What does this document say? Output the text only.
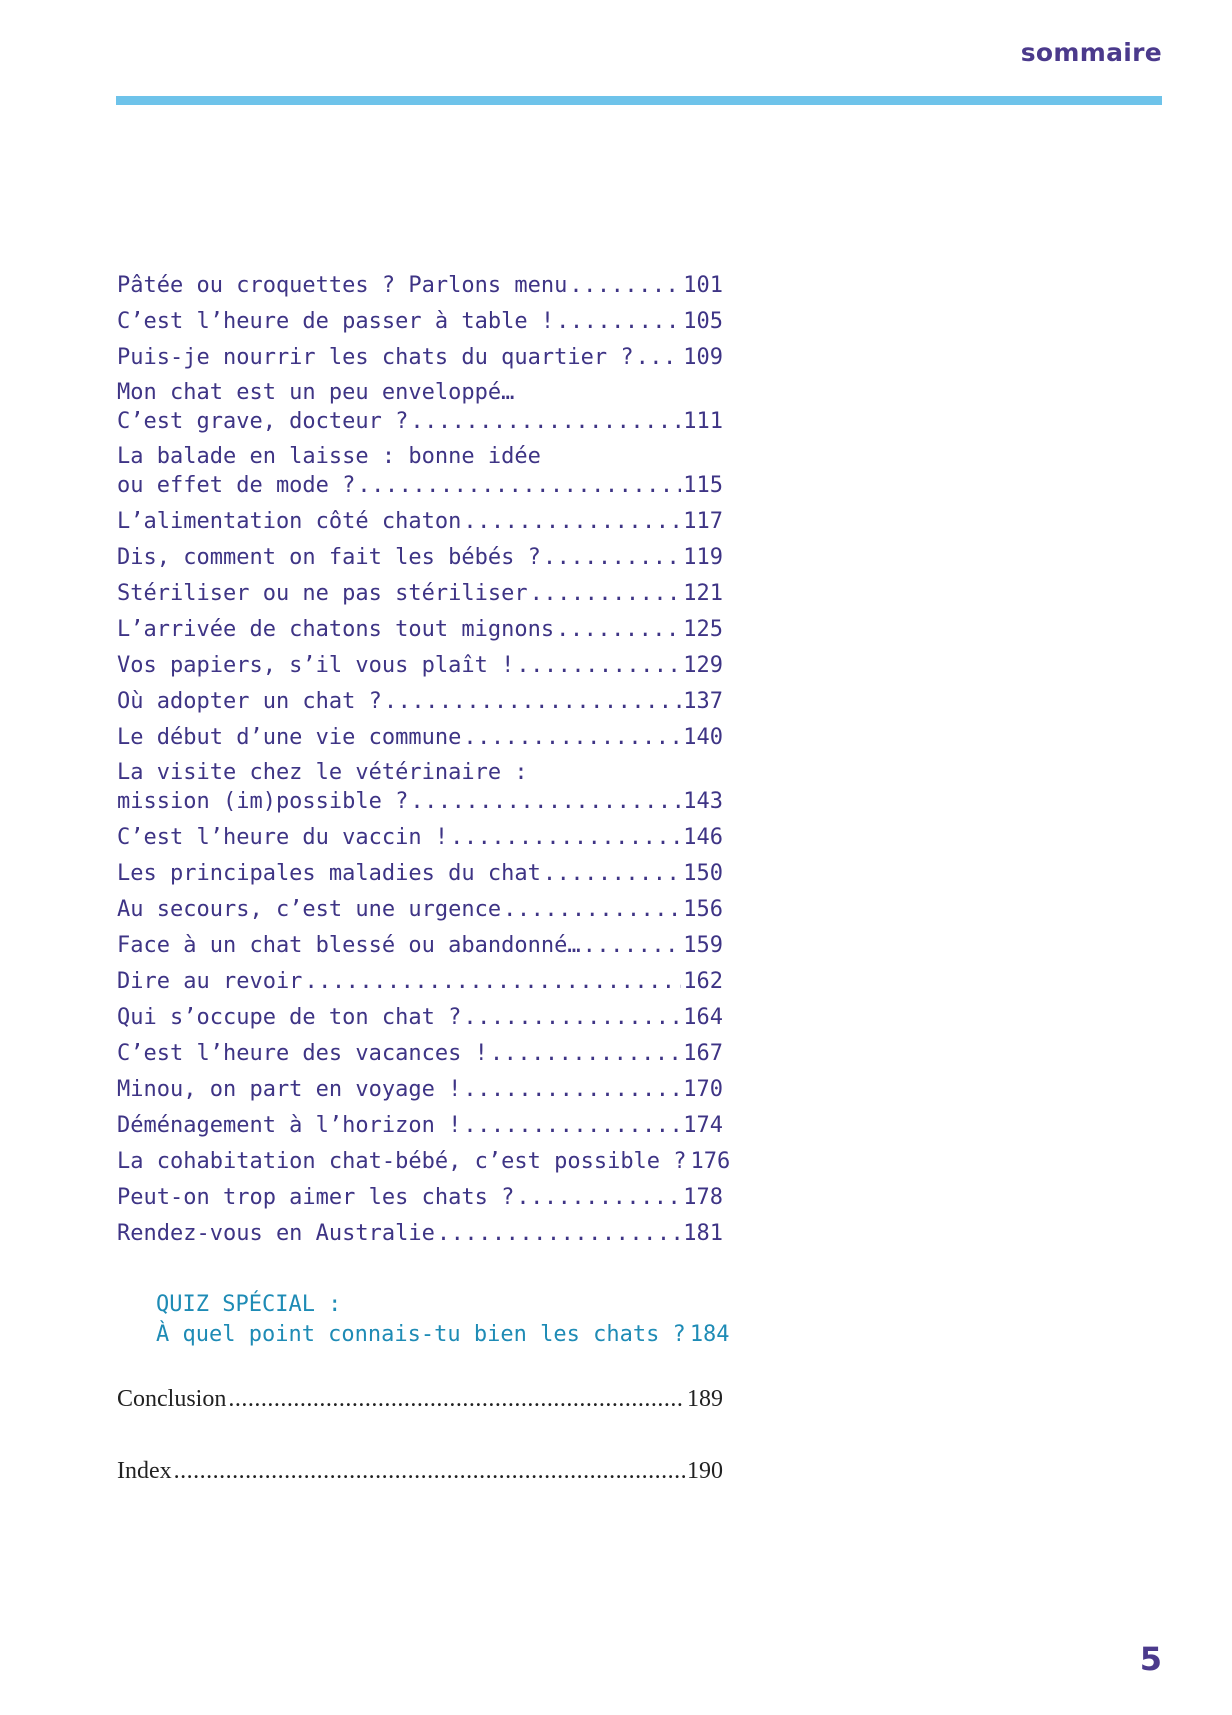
sommaire
Pâtée ou croquettes ? Parlons menu .....	101
C’est l’heure de passer à table ! .....	105
Puis-je nourrir les chats du quartier ? ..... 109
Mon chat est un peu enveloppé…
C’est grave, docteur ? .....	111
La balade en laisse : bonne idée
ou effet de mode ? .....	115
L’alimentation côté chaton .....	117
Dis, comment on fait les bébés ? .....	119
Stériliser ou ne pas stériliser .....	121
L’arrivée de chatons tout mignons .....	125
Vos papiers, s’il vous plaît ! .....	129
Où adopter un chat ? .....	137
Le début d’une vie commune .....	140
La visite chez le vétérinaire :
mission (im)possible ? .....	143
C’est l’heure du vaccin ! .....	146
Les principales maladies du chat .....	150
Au secours, c’est une urgence .....	156
Face à un chat blessé ou abandonné… .....	159
Dire au revoir .....	162
Qui s’occupe de ton chat ? .....	164
C’est l’heure des vacances ! .....	167
Minou, on part en voyage ! .....	170
Déménagement à l’horizon ! .....	174
La cohabitation chat-bébé, c’est possible ? 176
Peut-on trop aimer les chats ? .....	178
Rendez-vous en Australie .....	181
QUIZ SPÉCIAL :
À quel point connais-tu bien les chats ? 184
Conclusion .....	189
Index .....	190
5
